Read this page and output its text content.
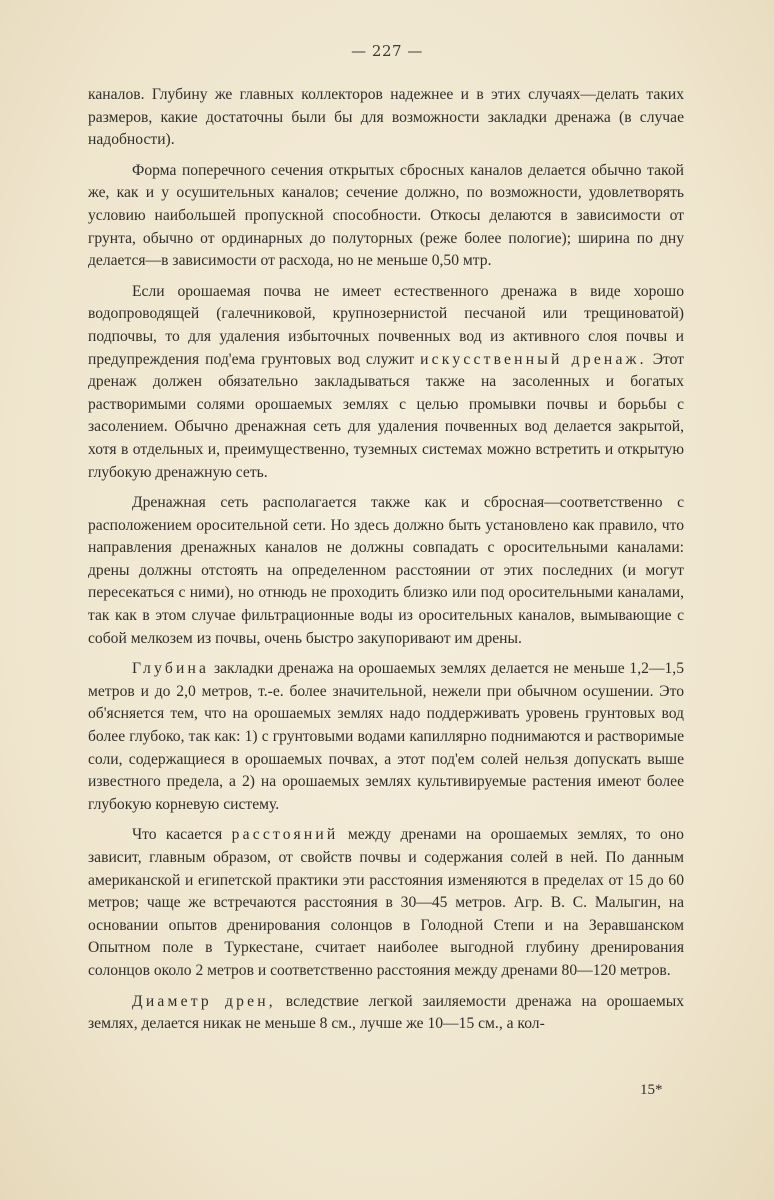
— 227 —

каналов. Глубину же главных коллекторов надежнее и в этих случаях—делать таких размеров, какие достаточны были бы для возможности закладки дренажа (в случае надобности).

Форма поперечного сечения открытых сбросных каналов делается обычно такой же, как и у осушительных каналов; сечение должно, по возможности, удовлетворять условию наибольшей пропускной способности. Откосы делаются в зависимости от грунта, обычно от ординарных до полуторных (реже более пологие); ширина по дну делается—в зависимости от расхода, но не меньше 0,50 мтр.

Если орошаемая почва не имеет естественного дренажа в виде хорошо водопроводящей (галечниковой, крупнозернистой песчаной или трещиноватой) подпочвы, то для удаления избыточных почвенных вод из активного слоя почвы и предупреждения под'ема грунтовых вод служит искусственный дренаж. Этот дренаж должен обязательно закладываться также на засоленных и богатых растворимыми солями орошаемых землях с целью промывки почвы и борьбы с засолением. Обычно дренажная сеть для удаления почвенных вод делается закрытой, хотя в отдельных и, преимущественно, туземных системах можно встретить и открытую глубокую дренажную сеть.

Дренажная сеть располагается также как и сбросная—соответственно с расположением оросительной сети. Но здесь должно быть установлено как правило, что направления дренажных каналов не должны совпадать с оросительными каналами: дрены должны отстоять на определенном расстоянии от этих последних (и могут пересекаться с ними), но отнюдь не проходить близко или под оросительными каналами, так как в этом случае фильтрационные воды из оросительных каналов, вымывающие с собой мелкозем из почвы, очень быстро закупоривают им дрены.

Глубина закладки дренажа на орошаемых землях делается не меньше 1,2—1,5 метров и до 2,0 метров, т.-е. более значительной, нежели при обычном осушении. Это об'ясняется тем, что на орошаемых землях надо поддерживать уровень грунтовых вод более глубоко, так как: 1) с грунтовыми водами капиллярно поднимаются и растворимые соли, содержащиеся в орошаемых почвах, а этот под'ем солей нельзя допускать выше известного предела, а 2) на орошаемых землях культивируемые растения имеют более глубокую корневую систему.

Что касается расстояний между дренами на орошаемых землях, то оно зависит, главным образом, от свойств почвы и содержания солей в ней. По данным американской и египетской практики эти расстояния изменяются в пределах от 15 до 60 метров; чаще же встречаются расстояния в 30—45 метров. Агр. В. С. Малыгин, на основании опытов дренирования солонцов в Голодной Степи и на Зеравшанском Опытном поле в Туркестане, считает наиболее выгодной глубину дренирования солонцов около 2 метров и соответственно расстояния между дренами 80—120 метров.

Диаметр дрен, вследствие легкой заиляемости дренажа на орошаемых землях, делается никак не меньше 8 см., лучше же 10—15 см., а кол-

15*
